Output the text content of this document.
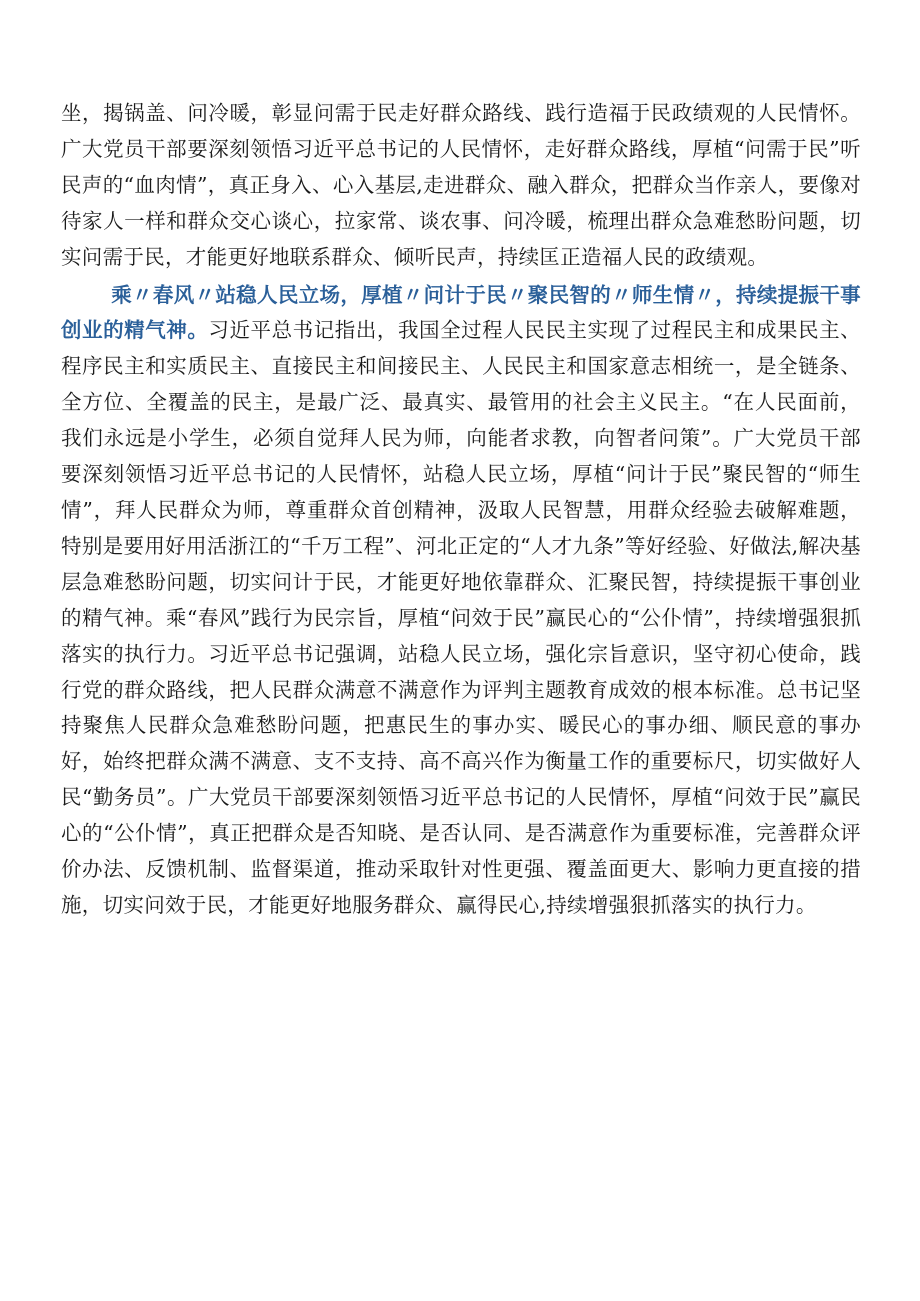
坐，揭锅盖、问冷暖，彰显问需于民走好群众路线、践行造福于民政绩观的人民情怀。广大党员干部要深刻领悟习近平总书记的人民情怀，走好群众路线，厚植“问需于民”听民声的“血肉情”，真正身入、心入基层,走进群众、融入群众，把群众当作亲人，要像对待家人一样和群众交心谈心，拉家常、谈农事、问冷暖，梳理出群众急难愁盼问题，切实问需于民，才能更好地联系群众、倾听民声，持续匡正造福人民的政绩观。

乘〃春风〃站稳人民立场，厚植〃问计于民〃聚民智的〃师生情〃，持续提振干事创业的精气神。习近平总书记指出，我国全过程人民民主实现了过程民主和成果民主、程序民主和实质民主、直接民主和间接民主、人民民主和国家意志相统一，是全链条、全方位、全覆盖的民主，是最广泛、最真实、最管用的社会主义民主。“在人民面前，我们永远是小学生，必须自觉拜人民为师，向能者求教，向智者问策”。广大党员干部要深刻领悟习近平总书记的人民情怀，站稳人民立场，厚植“问计于民”聚民智的“师生情”，拜人民群众为师，尊重群众首创精神，汲取人民智慧，用群众经验去破解难题，特别是要用好用活浙江的“千万工程”、河北正定的“人才九条”等好经验、好做法,解决基层急难愁盼问题，切实问计于民，才能更好地依靠群众、汇聚民智，持续提振干事创业的精气神。乘“春风”践行为民宗旨，厚植“问效于民”赢民心的“公仆情”，持续增强狠抓落实的执行力。习近平总书记强调，站稳人民立场，强化宗旨意识，坚守初心使命，践行党的群众路线，把人民群众满意不满意作为评判主题教育成效的根本标准。总书记坚持聚焦人民群众急难愁盼问题，把惠民生的事办实、暖民心的事办细、顺民意的事办好，始终把群众满不满意、支不支持、高不高兴作为衡量工作的重要标尺，切实做好人民“勤务员”。广大党员干部要深刻领悟习近平总书记的人民情怀，厚植“问效于民”赢民心的“公仆情”，真正把群众是否知晓、是否认同、是否满意作为重要标准，完善群众评价办法、反馈机制、监督渠道，推动采取针对性更强、覆盖面更大、影响力更直接的措施，切实问效于民，才能更好地服务群众、赢得民心,持续增强狠抓落实的执行力。
